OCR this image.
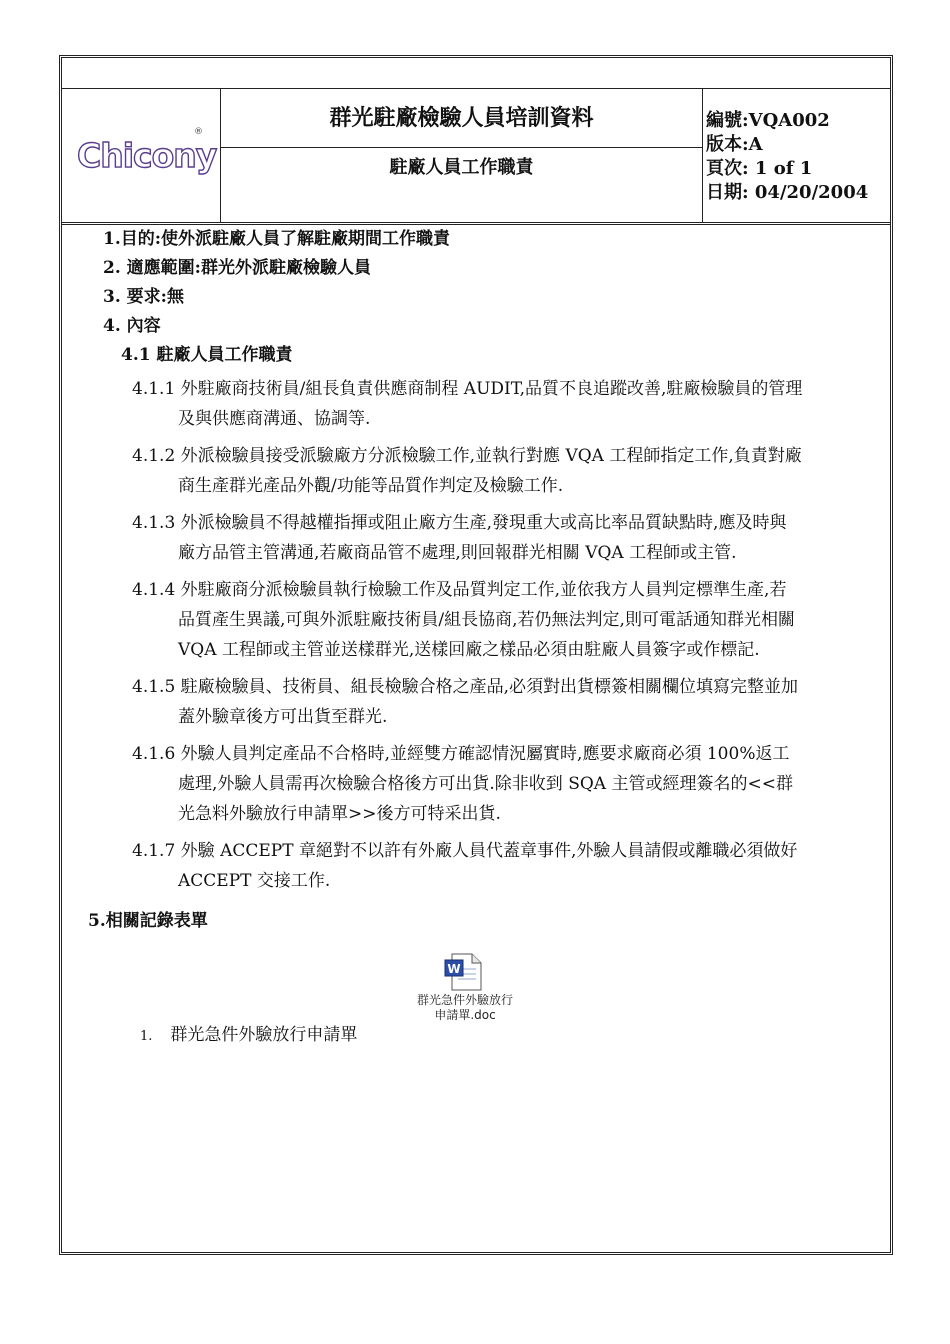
Chicony
®
群光駐廠檢驗人員培訓資料
駐廠人員工作職責
編號:VQA002
版本:A
頁次: 1 of 1
日期: 04/20/2004
1.目的:使外派駐廠人員了解駐廠期間工作職責
2. 適應範圍:群光外派駐廠檢驗人員
3. 要求:無
4. 內容
4.1 駐廠人員工作職責
4.1.1 外駐廠商技術員/組長負責供應商制程 AUDIT,品質不良追蹤改善,駐廠檢驗員的管理
及與供應商溝通、協調等.
4.1.2 外派檢驗員接受派驗廠方分派檢驗工作,並執行對應 VQA 工程師指定工作,負責對廠
商生產群光產品外觀/功能等品質作判定及檢驗工作.
4.1.3 外派檢驗員不得越權指揮或阻止廠方生產,發現重大或高比率品質缺點時,應及時與
廠方品管主管溝通,若廠商品管不處理,則回報群光相關 VQA 工程師或主管.
4.1.4 外駐廠商分派檢驗員執行檢驗工作及品質判定工作,並依我方人員判定標準生產,若
品質產生異議,可與外派駐廠技術員/組長協商,若仍無法判定,則可電話通知群光相關
VQA 工程師或主管並送樣群光,送樣回廠之樣品必須由駐廠人員簽字或作標記.
4.1.5 駐廠檢驗員、技術員、組長檢驗合格之產品,必須對出貨標簽相關欄位填寫完整並加
蓋外驗章後方可出貨至群光.
4.1.6 外驗人員判定產品不合格時,並經雙方確認情況屬實時,應要求廠商必須 100%返工
處理,外驗人員需再次檢驗合格後方可出貨.除非收到 SQA 主管或經理簽名的<<群
光急料外驗放行申請單>>後方可特采出貨.
4.1.7 外驗 ACCEPT 章絕對不以許有外廠人員代蓋章事件,外驗人員請假或離職必須做好
ACCEPT 交接工作.
5.相關記錄表單
W
群光急件外驗放行
申請單.doc
1. 群光急件外驗放行申請單
